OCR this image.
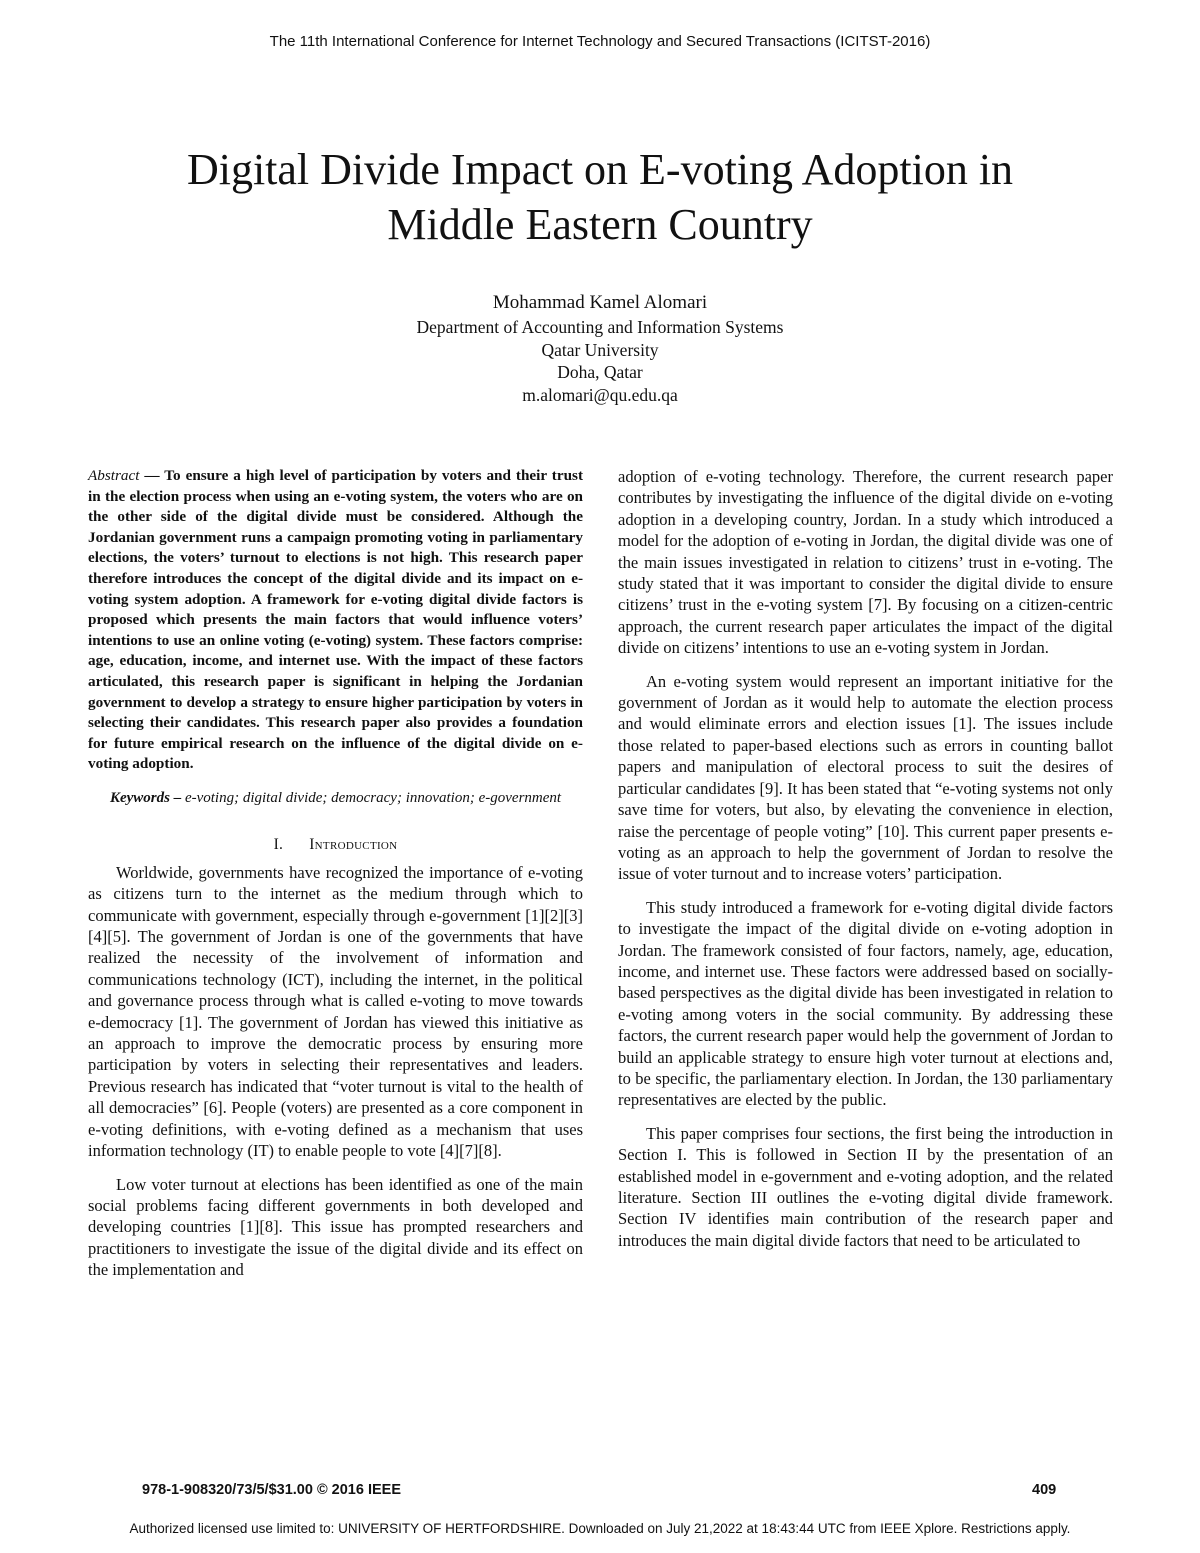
The 11th International Conference for Internet Technology and Secured Transactions (ICITST-2016)
Digital Divide Impact on E-voting Adoption in
Middle Eastern Country
Mohammad Kamel Alomari
Department of Accounting and Information Systems
Qatar University
Doha, Qatar
m.alomari@qu.edu.qa

Abstract — To ensure a high level of participation by voters and their trust in the election process when using an e-voting system, the voters who are on the other side of the digital divide must be considered. Although the Jordanian government runs a campaign promoting voting in parliamentary elections, the voters’ turnout to elections is not high. This research paper therefore introduces the concept of the digital divide and its impact on e-voting system adoption. A framework for e-voting digital divide factors is proposed which presents the main factors that would influence voters’ intentions to use an online voting (e-voting) system. These factors comprise: age, education, income, and internet use. With the impact of these factors articulated, this research paper is significant in helping the Jordanian government to develop a strategy to ensure higher participation by voters in selecting their candidates. This research paper also provides a foundation for future empirical research on the influence of the digital divide on e-voting adoption.

Keywords – e-voting; digital divide; democracy; innovation; e-government

I. Introduction

Worldwide, governments have recognized the importance of e-voting as citizens turn to the internet as the medium through which to communicate with government, especially through e-government [1][2][3][4][5]. The government of Jordan is one of the governments that have realized the necessity of the involvement of information and communications technology (ICT), including the internet, in the political and governance process through what is called e-voting to move towards e-democracy [1]. The government of Jordan has viewed this initiative as an approach to improve the democratic process by ensuring more participation by voters in selecting their representatives and leaders. Previous research has indicated that “voter turnout is vital to the health of all democracies” [6]. People (voters) are presented as a core component in e-voting definitions, with e-voting defined as a mechanism that uses information technology (IT) to enable people to vote [4][7][8].

Low voter turnout at elections has been identified as one of the main social problems facing different governments in both developed and developing countries [1][8]. This issue has prompted researchers and practitioners to investigate the issue of the digital divide and its effect on the implementation and

adoption of e-voting technology. Therefore, the current research paper contributes by investigating the influence of the digital divide on e-voting adoption in a developing country, Jordan. In a study which introduced a model for the adoption of e-voting in Jordan, the digital divide was one of the main issues investigated in relation to citizens’ trust in e-voting. The study stated that it was important to consider the digital divide to ensure citizens’ trust in the e-voting system [7]. By focusing on a citizen-centric approach, the current research paper articulates the impact of the digital divide on citizens’ intentions to use an e-voting system in Jordan.

An e-voting system would represent an important initiative for the government of Jordan as it would help to automate the election process and would eliminate errors and election issues [1]. The issues include those related to paper-based elections such as errors in counting ballot papers and manipulation of electoral process to suit the desires of particular candidates [9]. It has been stated that “e-voting systems not only save time for voters, but also, by elevating the convenience in election, raise the percentage of people voting” [10]. This current paper presents e-voting as an approach to help the government of Jordan to resolve the issue of voter turnout and to increase voters’ participation.

This study introduced a framework for e-voting digital divide factors to investigate the impact of the digital divide on e-voting adoption in Jordan. The framework consisted of four factors, namely, age, education, income, and internet use. These factors were addressed based on socially-based perspectives as the digital divide has been investigated in relation to e-voting among voters in the social community. By addressing these factors, the current research paper would help the government of Jordan to build an applicable strategy to ensure high voter turnout at elections and, to be specific, the parliamentary election. In Jordan, the 130 parliamentary representatives are elected by the public.

This paper comprises four sections, the first being the introduction in Section I. This is followed in Section II by the presentation of an established model in e-government and e-voting adoption, and the related literature. Section III outlines the e-voting digital divide framework. Section IV identifies main contribution of the research paper and introduces the main digital divide factors that need to be articulated to

978-1-908320/73/5/$31.00 © 2016 IEEE	409
Authorized licensed use limited to: UNIVERSITY OF HERTFORDSHIRE. Downloaded on July 21,2022 at 18:43:44 UTC from IEEE Xplore. Restrictions apply.
